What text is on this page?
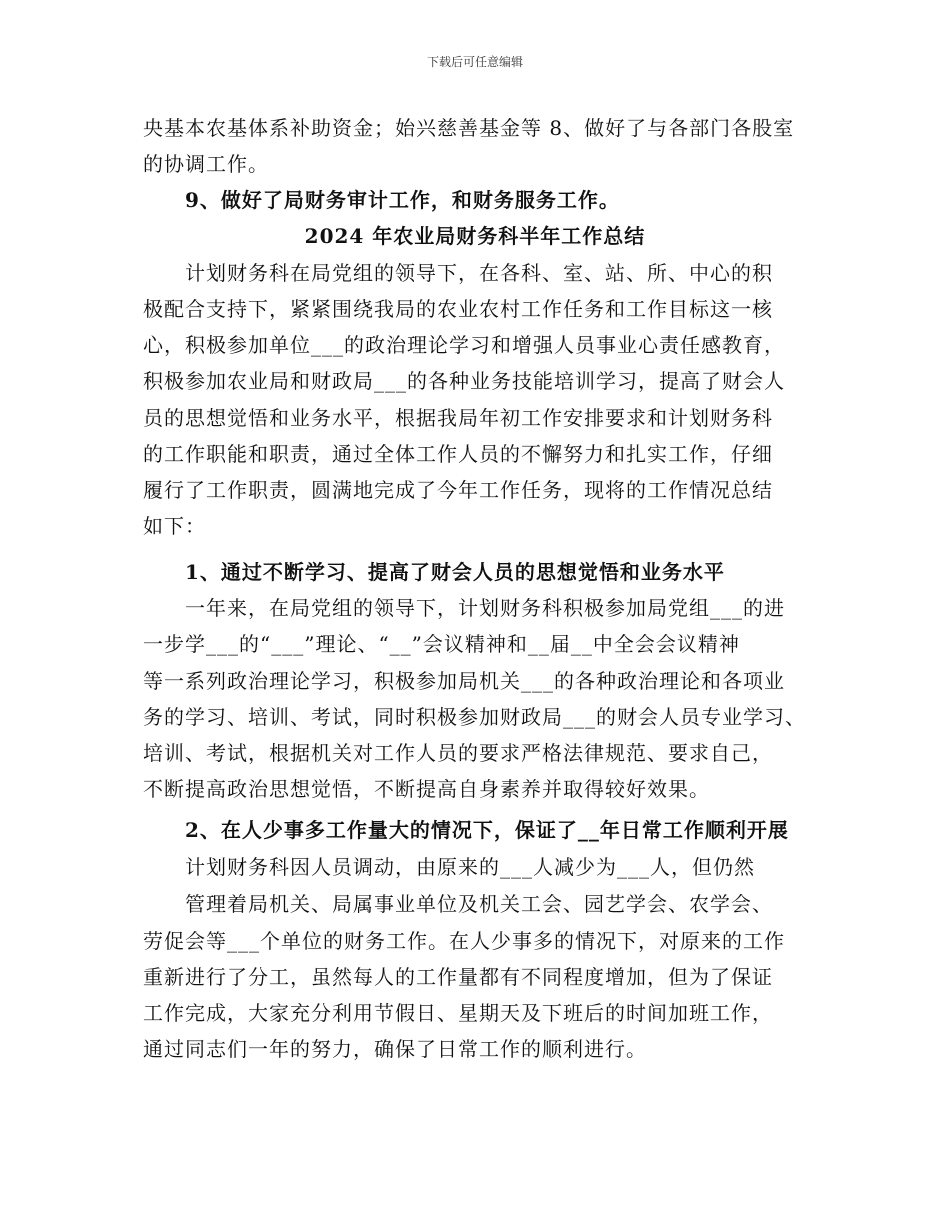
下载后可任意编辑
央基本农基体系补助资金；始兴慈善基金等 8、做好了与各部门各股室
的协调工作。
9、做好了局财务审计工作，和财务服务工作。
2024 年农业局财务科半年工作总结
计划财务科在局党组的领导下，在各科、室、站、所、中心的积
极配合支持下，紧紧围绕我局的农业农村工作任务和工作目标这一核
心，积极参加单位___的政治理论学习和增强人员事业心责任感教育，
积极参加农业局和财政局___的各种业务技能培训学习，提高了财会人
员的思想觉悟和业务水平，根据我局年初工作安排要求和计划财务科
的工作职能和职责，通过全体工作人员的不懈努力和扎实工作，仔细
履行了工作职责，圆满地完成了今年工作任务，现将的工作情况总结
如下：
1、通过不断学习、提高了财会人员的思想觉悟和业务水平
一年来，在局党组的领导下，计划财务科积极参加局党组___的进
一步学___的“___”理论、“__”会议精神和__届__中全会会议精神
等一系列政治理论学习，积极参加局机关___的各种政治理论和各项业
务的学习、培训、考试，同时积极参加财政局___的财会人员专业学习、
培训、考试，根据机关对工作人员的要求严格法律规范、要求自己，
不断提高政治思想觉悟，不断提高自身素养并取得较好效果。
2、在人少事多工作量大的情况下，保证了__年日常工作顺利开展
计划财务科因人员调动，由原来的___人减少为___人，但仍然
管理着局机关、局属事业单位及机关工会、园艺学会、农学会、
劳促会等___个单位的财务工作。在人少事多的情况下，对原来的工作
重新进行了分工，虽然每人的工作量都有不同程度增加，但为了保证
工作完成，大家充分利用节假日、星期天及下班后的时间加班工作，
通过同志们一年的努力，确保了日常工作的顺利进行。
